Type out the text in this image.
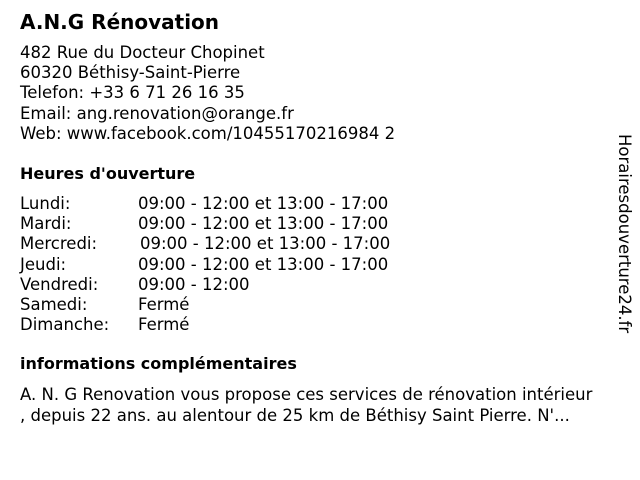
A.N.G Rénovation
482 Rue du Docteur Chopinet
60320 Béthisy-Saint-Pierre
Telefon: +33 6 71 26 16 35
Email: ang.renovation@orange.fr
Web: www.facebook.com/10455170216984 2
Heures d'ouverture
Lundi:	09:00 - 12:00 et 13:00 - 17:00
Mardi:	09:00 - 12:00 et 13:00 - 17:00
Mercredi:	09:00 - 12:00 et 13:00 - 17:00
Jeudi:	09:00 - 12:00 et 13:00 - 17:00
Vendredi: 09:00 - 12:00
Samedi:	Fermé
Dimanche: Fermé
informations complémentaires
A. N. G Renovation vous propose ces services de rénovation intérieur
, depuis 22 ans. au alentour de 25 km de Béthisy Saint Pierre. N'...
Horairesdouverture24.fr
